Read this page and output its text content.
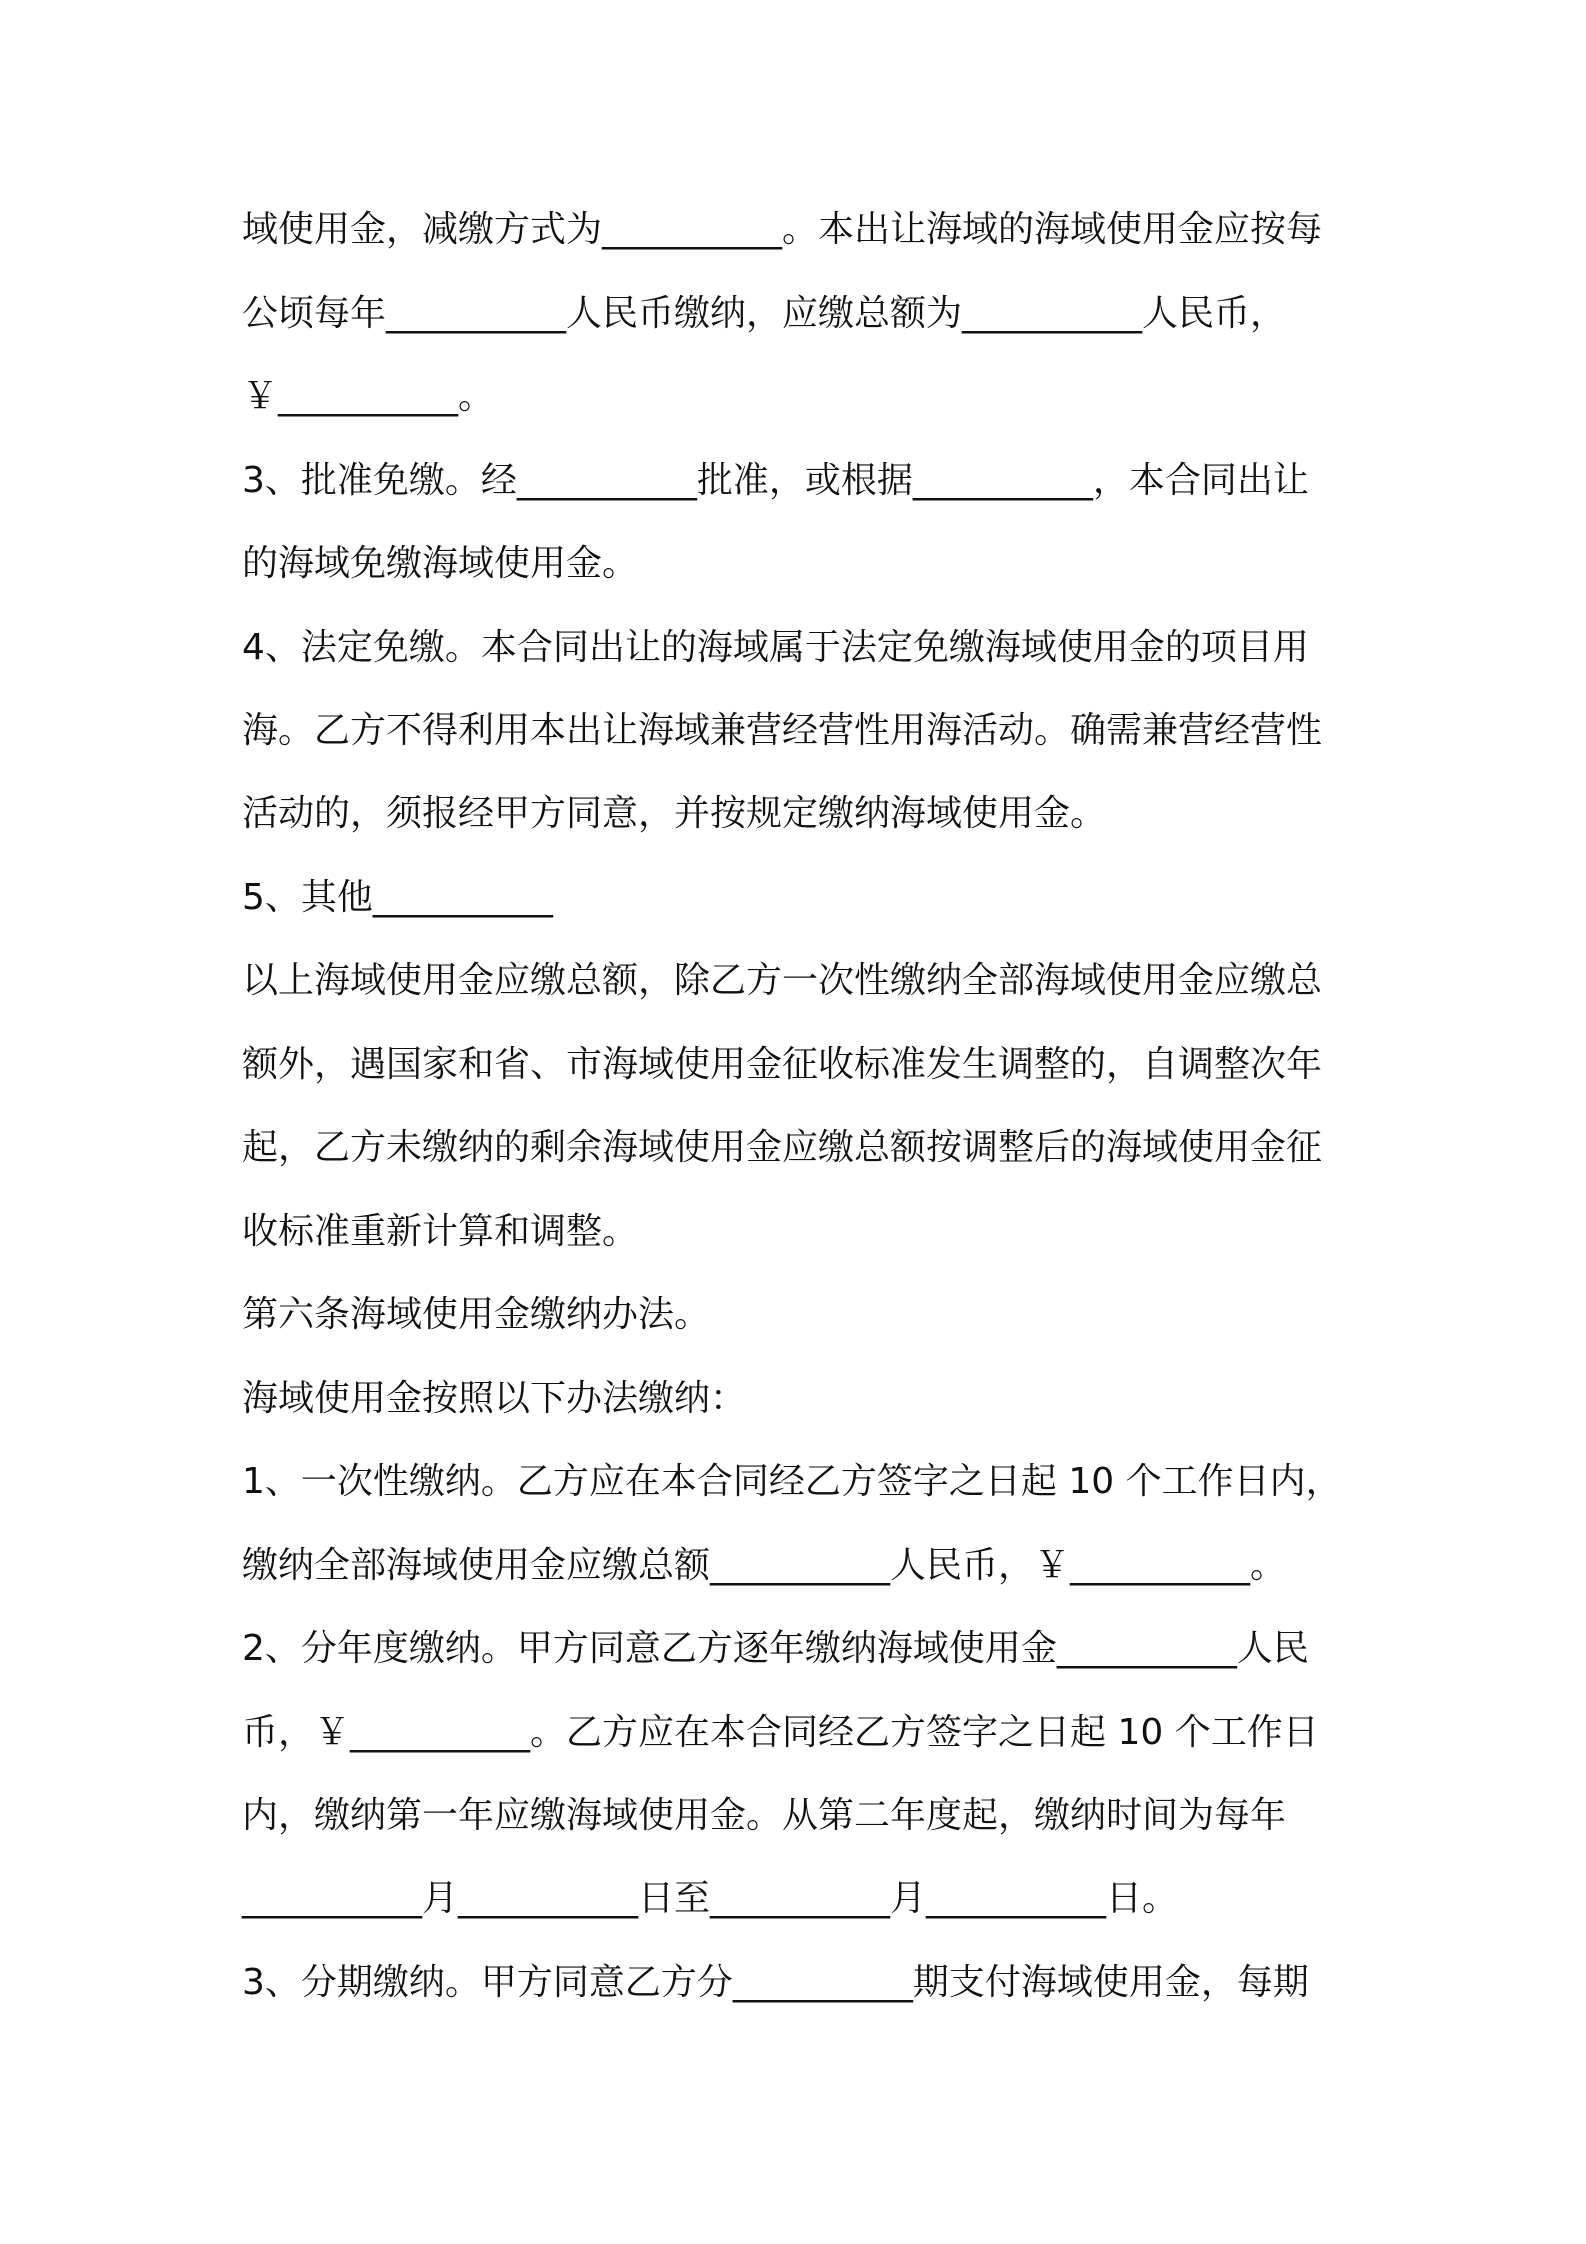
域使用金，减缴方式为__________。本出让海域的海域使用金应按每
公顷每年__________人民币缴纳，应缴总额为__________人民币，
￥__________。
3、批准免缴。经__________批准，或根据__________，本合同出让
的海域免缴海域使用金。
4、法定免缴。本合同出让的海域属于法定免缴海域使用金的项目用
海。乙方不得利用本出让海域兼营经营性用海活动。确需兼营经营性
活动的，须报经甲方同意，并按规定缴纳海域使用金。
5、其他__________
以上海域使用金应缴总额，除乙方一次性缴纳全部海域使用金应缴总
额外，遇国家和省、市海域使用金征收标准发生调整的，自调整次年
起，乙方未缴纳的剩余海域使用金应缴总额按调整后的海域使用金征
收标准重新计算和调整。
第六条海域使用金缴纳办法。
海域使用金按照以下办法缴纳：
1、一次性缴纳。乙方应在本合同经乙方签字之日起 10 个工作日内，
缴纳全部海域使用金应缴总额__________人民币，￥__________。
2、分年度缴纳。甲方同意乙方逐年缴纳海域使用金__________人民
币，￥__________。乙方应在本合同经乙方签字之日起 10 个工作日
内，缴纳第一年应缴海域使用金。从第二年度起，缴纳时间为每年
__________月__________日至__________月__________日。
3、分期缴纳。甲方同意乙方分__________期支付海域使用金，每期
